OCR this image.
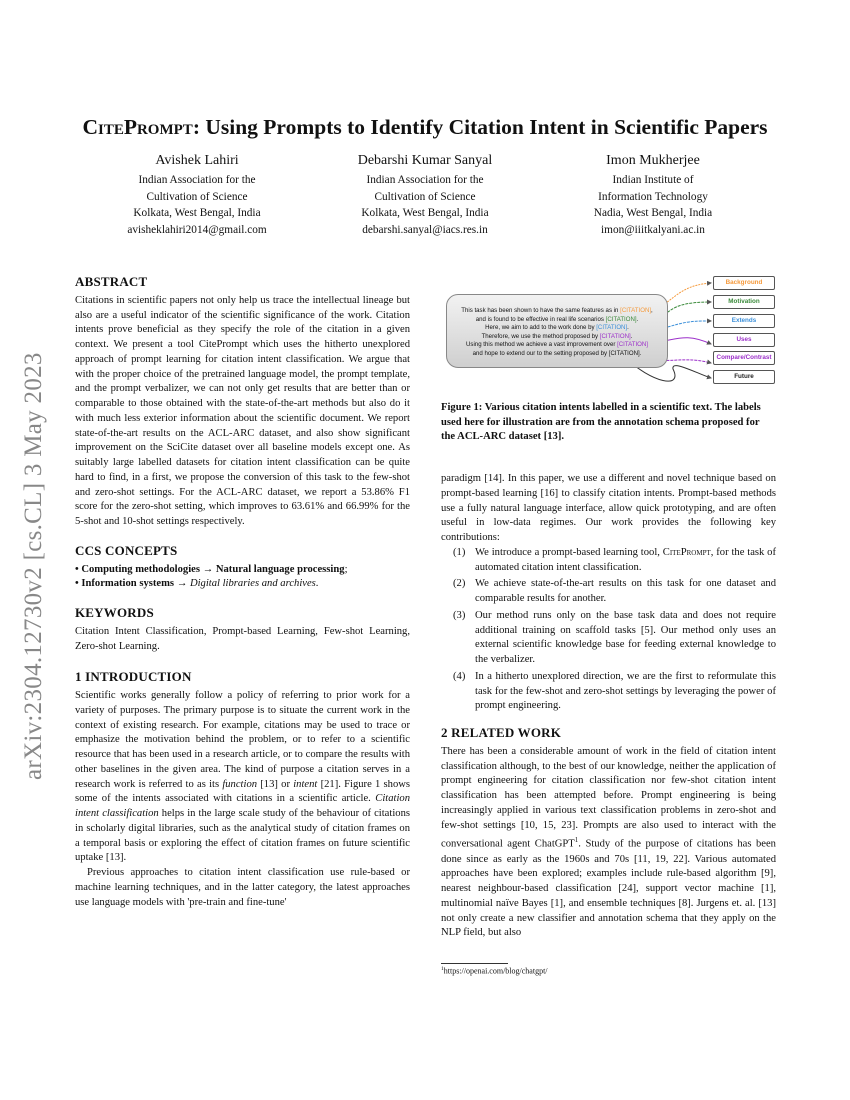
arXiv:2304.12730v2 [cs.CL] 3 May 2023
CitePrompt: Using Prompts to Identify Citation Intent in Scientific Papers
Avishek Lahiri
Indian Association for the
Cultivation of Science
Kolkata, West Bengal, India
avisheklahiri2014@gmail.com
Debarshi Kumar Sanyal
Indian Association for the
Cultivation of Science
Kolkata, West Bengal, India
debarshi.sanyal@iacs.res.in
Imon Mukherjee
Indian Institute of
Information Technology
Nadia, West Bengal, India
imon@iiitkalyani.ac.in
ABSTRACT

Citations in scientific papers not only help us trace the intellectual lineage but also are a useful indicator of the scientific significance of the work. Citation intents prove beneficial as they specify the role of the citation in a given context. We present a tool CitePrompt which uses the hitherto unexplored approach of prompt learning for citation intent classification. We argue that with the proper choice of the pretrained language model, the prompt template, and the prompt verbalizer, we can not only get results that are better than or comparable to those obtained with the state-of-the-art methods but also do it with much less exterior information about the scientific document. We report state-of-the-art results on the ACL-ARC dataset, and also show significant improvement on the SciCite dataset over all baseline models except one. As suitably large labelled datasets for citation intent classification can be quite hard to find, in a first, we propose the conversion of this task to the few-shot and zero-shot settings. For the ACL-ARC dataset, we report a 53.86% F1 score for the zero-shot setting, which improves to 63.61% and 66.99% for the 5-shot and 10-shot settings respectively.

CCS CONCEPTS

• Computing methodologies → Natural language processing;

• Information systems → Digital libraries and archives.

KEYWORDS

Citation Intent Classification, Prompt-based Learning, Few-shot Learning, Zero-shot Learning.

1 INTRODUCTION

Scientific works generally follow a policy of referring to prior work for a variety of purposes. The primary purpose is to situate the current work in the context of existing research. For example, citations may be used to trace or emphasize the motivation behind the problem, or to refer to a scientific resource that has been used in a research article, or to compare the results with other baselines in the given area. The kind of purpose a citation serves in a research work is referred to as its function [13] or intent [21]. Figure 1 shows some of the intents associated with citations in a scientific article. Citation intent classification helps in the large scale study of the behaviour of citations in scholarly digital libraries, such as the analytical study of citation frames on a temporal basis or exploring the effect of citation frames on future scientific uptake [13].

Previous approaches to citation intent classification use rule-based or machine learning techniques, and in the latter category, the latest approaches use language models with 'pre-train and fine-tune'

This task has been shown to have the same features as in [CITATION],
and is found to be effective in real life scenarios [CITATION].
Here, we aim to add to the work done by [CITATION].
Therefore, we use the method proposed by [CITATION].
Using this method we achieve a vast improvement over [CITATION]
and hope to extend our to the setting proposed by [CITATION].
Background
Motivation
Extends
Uses
Compare/Contrast
Future
Figure 1: Various citation intents labelled in a scientific text. The labels used here for illustration are from the annotation schema proposed for the ACL-ARC dataset [13].

paradigm [14]. In this paper, we use a different and novel technique based on prompt-based learning [16] to classify citation intents. Prompt-based methods use a fully natural language interface, allow quick prototyping, and are often useful in low-data regimes. Our work provides the following key contributions:

(1) We introduce a prompt-based learning tool, CitePrompt, for the task of automated citation intent classification.
(2) We achieve state-of-the-art results on this task for one dataset and comparable results for another.
(3) Our method runs only on the base task data and does not require additional training on scaffold tasks [5]. Our method only uses an external scientific knowledge base for feeding external knowledge to the verbalizer.
(4) In a hitherto unexplored direction, we are the first to reformulate this task for the few-shot and zero-shot settings by leveraging the power of prompt engineering.
2 RELATED WORK

There has been a considerable amount of work in the field of citation intent classification although, to the best of our knowledge, neither the application of prompt engineering for citation classification nor few-shot citation intent classification has been attempted before. Prompt engineering is being increasingly applied in various text classification problems in zero-shot and few-shot settings [10, 15, 23]. Prompts are also used to interact with the conversational agent ChatGPT$^1$. Study of the purpose of citations has been done since as early as the 1960s and 70s [11, 19, 22]. Various automated approaches have been explored; examples include rule-based algorithm [9], nearest neighbour-based classification [24], support vector machine [1], multinomial naïve Bayes [1], and ensemble techniques [8]. Jurgens et. al. [13] not only create a new classifier and annotation schema that they apply on the NLP field, but also

$^1$https://openai.com/blog/chatgpt/
